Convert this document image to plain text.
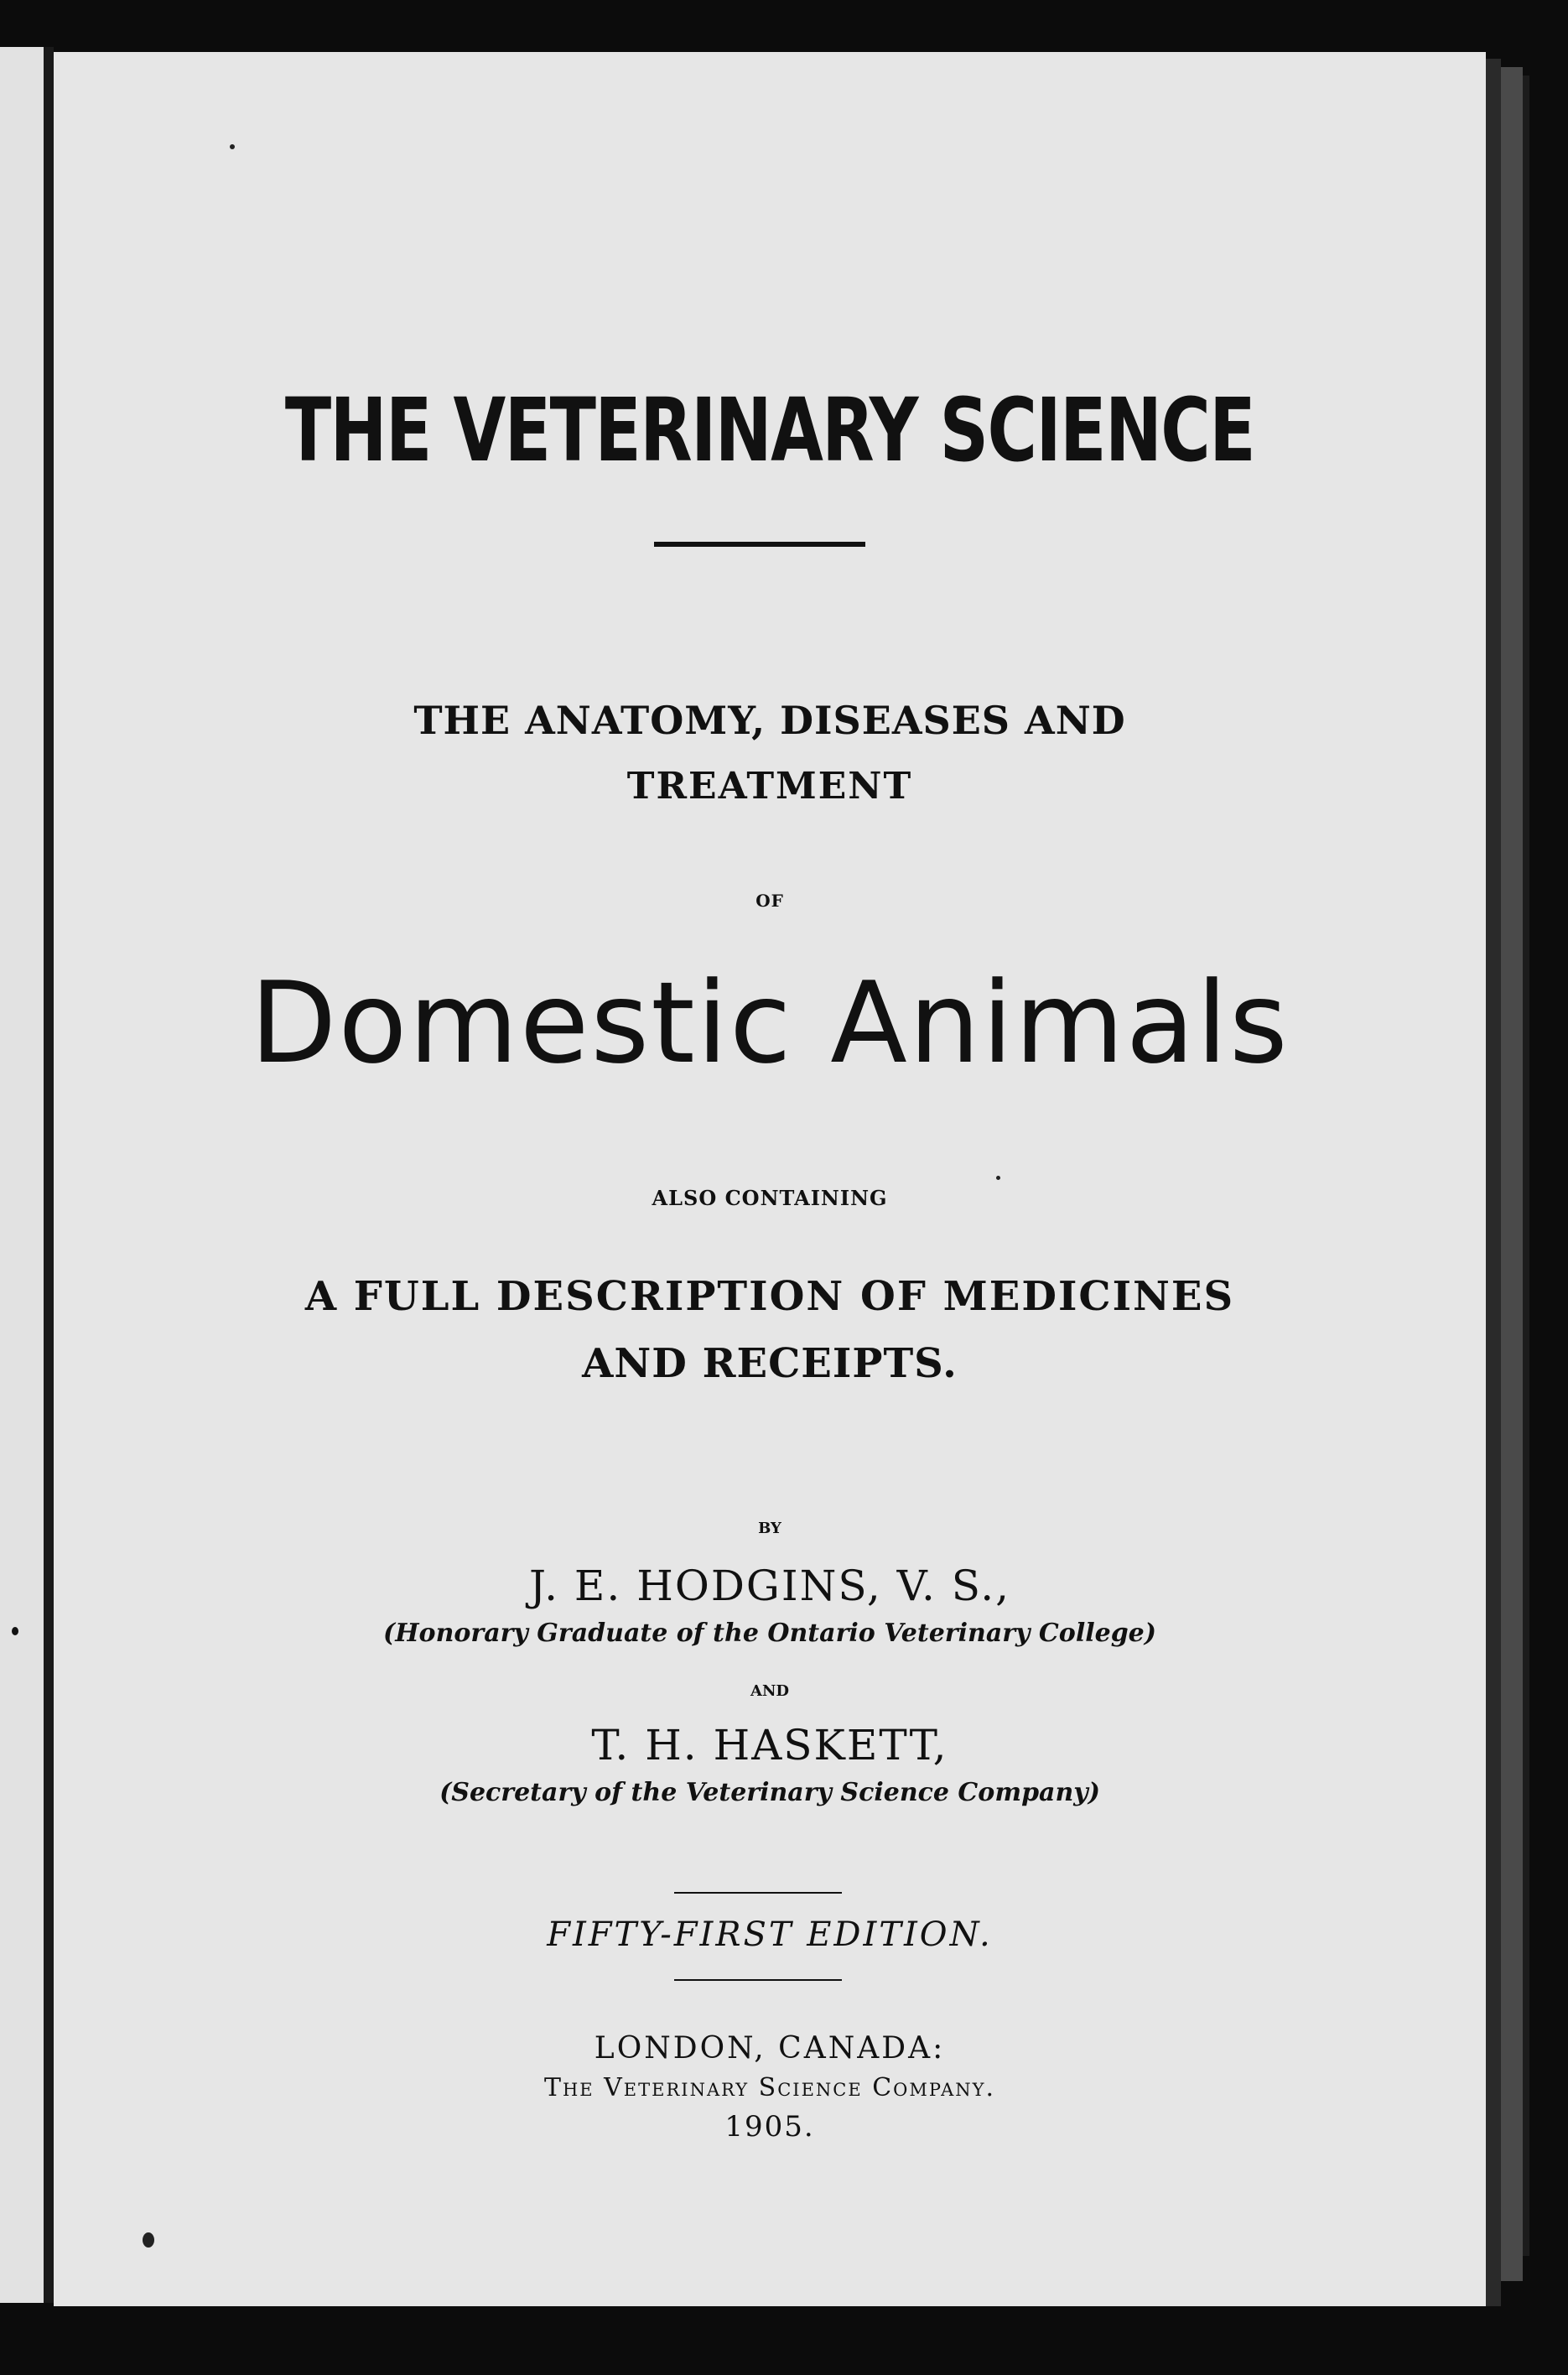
THE VETERINARY SCIENCE
THE ANATOMY, DISEASES AND
TREATMENT
OF
Domestic Animals
ALSO CONTAINING
A FULL DESCRIPTION OF MEDICINES
AND RECEIPTS.
BY
J. E. HODGINS, V. S.,
(Honorary Graduate of the Ontario Veterinary College)
AND
T. H. HASKETT,
(Secretary of the Veterinary Science Company)
FIFTY-FIRST EDITION.
LONDON, CANADA:
The Veterinary Science Company.
1905.
